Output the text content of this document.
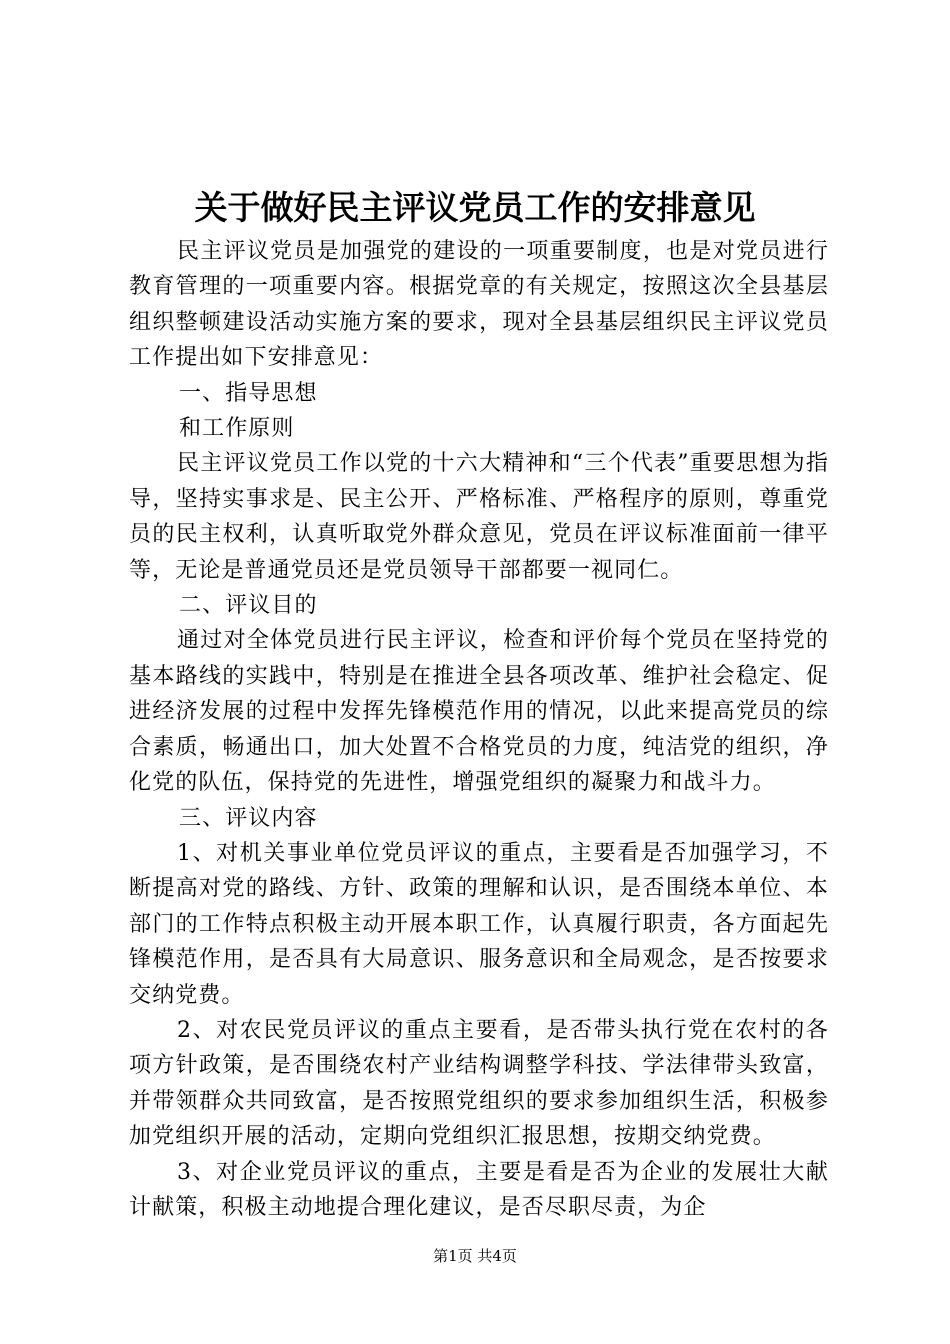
关于做好民主评议党员工作的安排意见

民主评议党员是加强党的建设的一项重要制度，也是对党员进行教育管理的一项重要内容。根据党章的有关规定，按照这次全县基层组织整顿建设活动实施方案的要求，现对全县基层组织民主评议党员工作提出如下安排意见：

一、指导思想

和工作原则

民主评议党员工作以党的十六大精神和“三个代表”重要思想为指导，坚持实事求是、民主公开、严格标准、严格程序的原则，尊重党员的民主权利，认真听取党外群众意见，党员在评议标准面前一律平等，无论是普通党员还是党员领导干部都要一视同仁。

二、评议目的

通过对全体党员进行民主评议，检查和评价每个党员在坚持党的基本路线的实践中，特别是在推进全县各项改革、维护社会稳定、促进经济发展的过程中发挥先锋模范作用的情况，以此来提高党员的综合素质，畅通出口，加大处置不合格党员的力度，纯洁党的组织，净化党的队伍，保持党的先进性，增强党组织的凝聚力和战斗力。

三、评议内容

1、对机关事业单位党员评议的重点，主要看是否加强学习，不断提高对党的路线、方针、政策的理解和认识，是否围绕本单位、本部门的工作特点积极主动开展本职工作，认真履行职责，各方面起先锋模范作用，是否具有大局意识、服务意识和全局观念，是否按要求交纳党费。

2、对农民党员评议的重点主要看，是否带头执行党在农村的各项方针政策，是否围绕农村产业结构调整学科技、学法律带头致富，并带领群众共同致富，是否按照党组织的要求参加组织生活，积极参加党组织开展的活动，定期向党组织汇报思想，按期交纳党费。

3、对企业党员评议的重点，主要是看是否为企业的发展壮大献计献策，积极主动地提合理化建议，是否尽职尽责，为企

第1页 共4页
